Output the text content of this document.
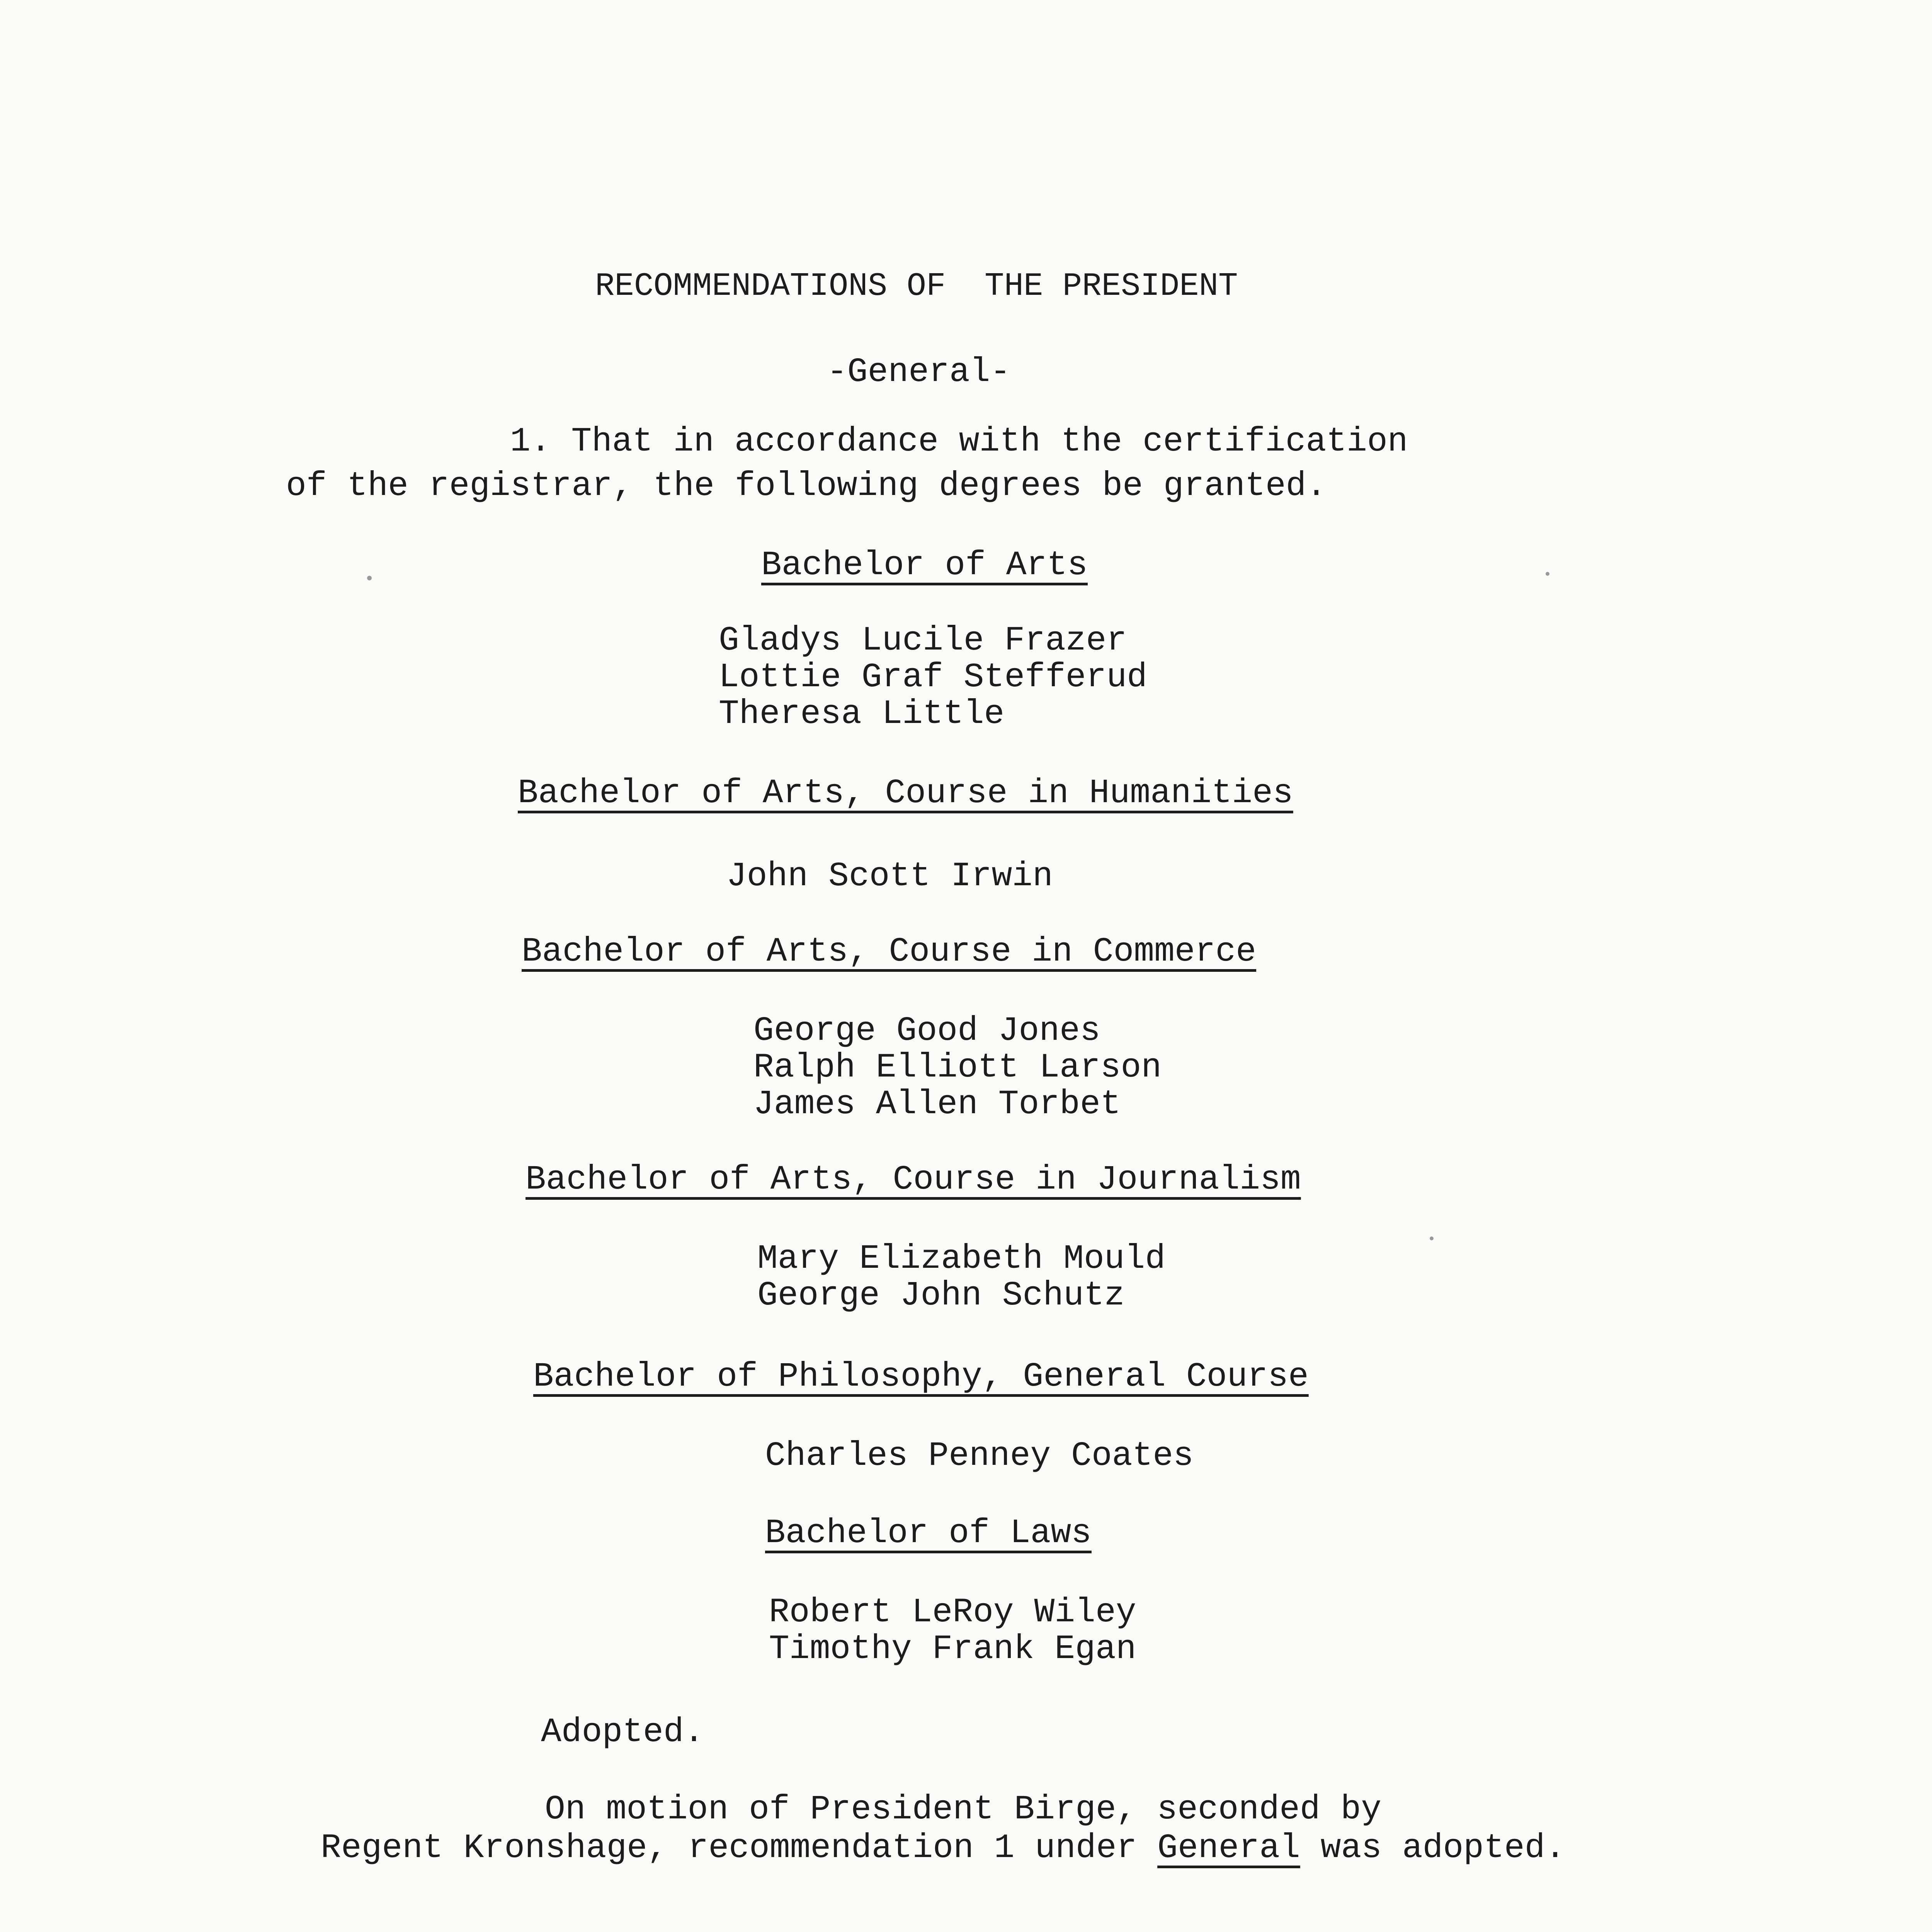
RECOMMENDATIONS OF  THE PRESIDENT
-General-
1. That in accordance with the certification
of the registrar, the following degrees be granted.
Bachelor of Arts
Gladys Lucile Frazer
Lottie Graf Stefferud
Theresa Little
Bachelor of Arts, Course in Humanities
John Scott Irwin
Bachelor of Arts, Course in Commerce
George Good Jones
Ralph Elliott Larson
James Allen Torbet
Bachelor of Arts, Course in Journalism
Mary Elizabeth Mould
George John Schutz
Bachelor of Philosophy, General Course
Charles Penney Coates
Bachelor of Laws
Robert LeRoy Wiley
Timothy Frank Egan
Adopted.
On motion of President Birge, seconded by
Regent Kronshage, recommendation 1 under General was adopted.
